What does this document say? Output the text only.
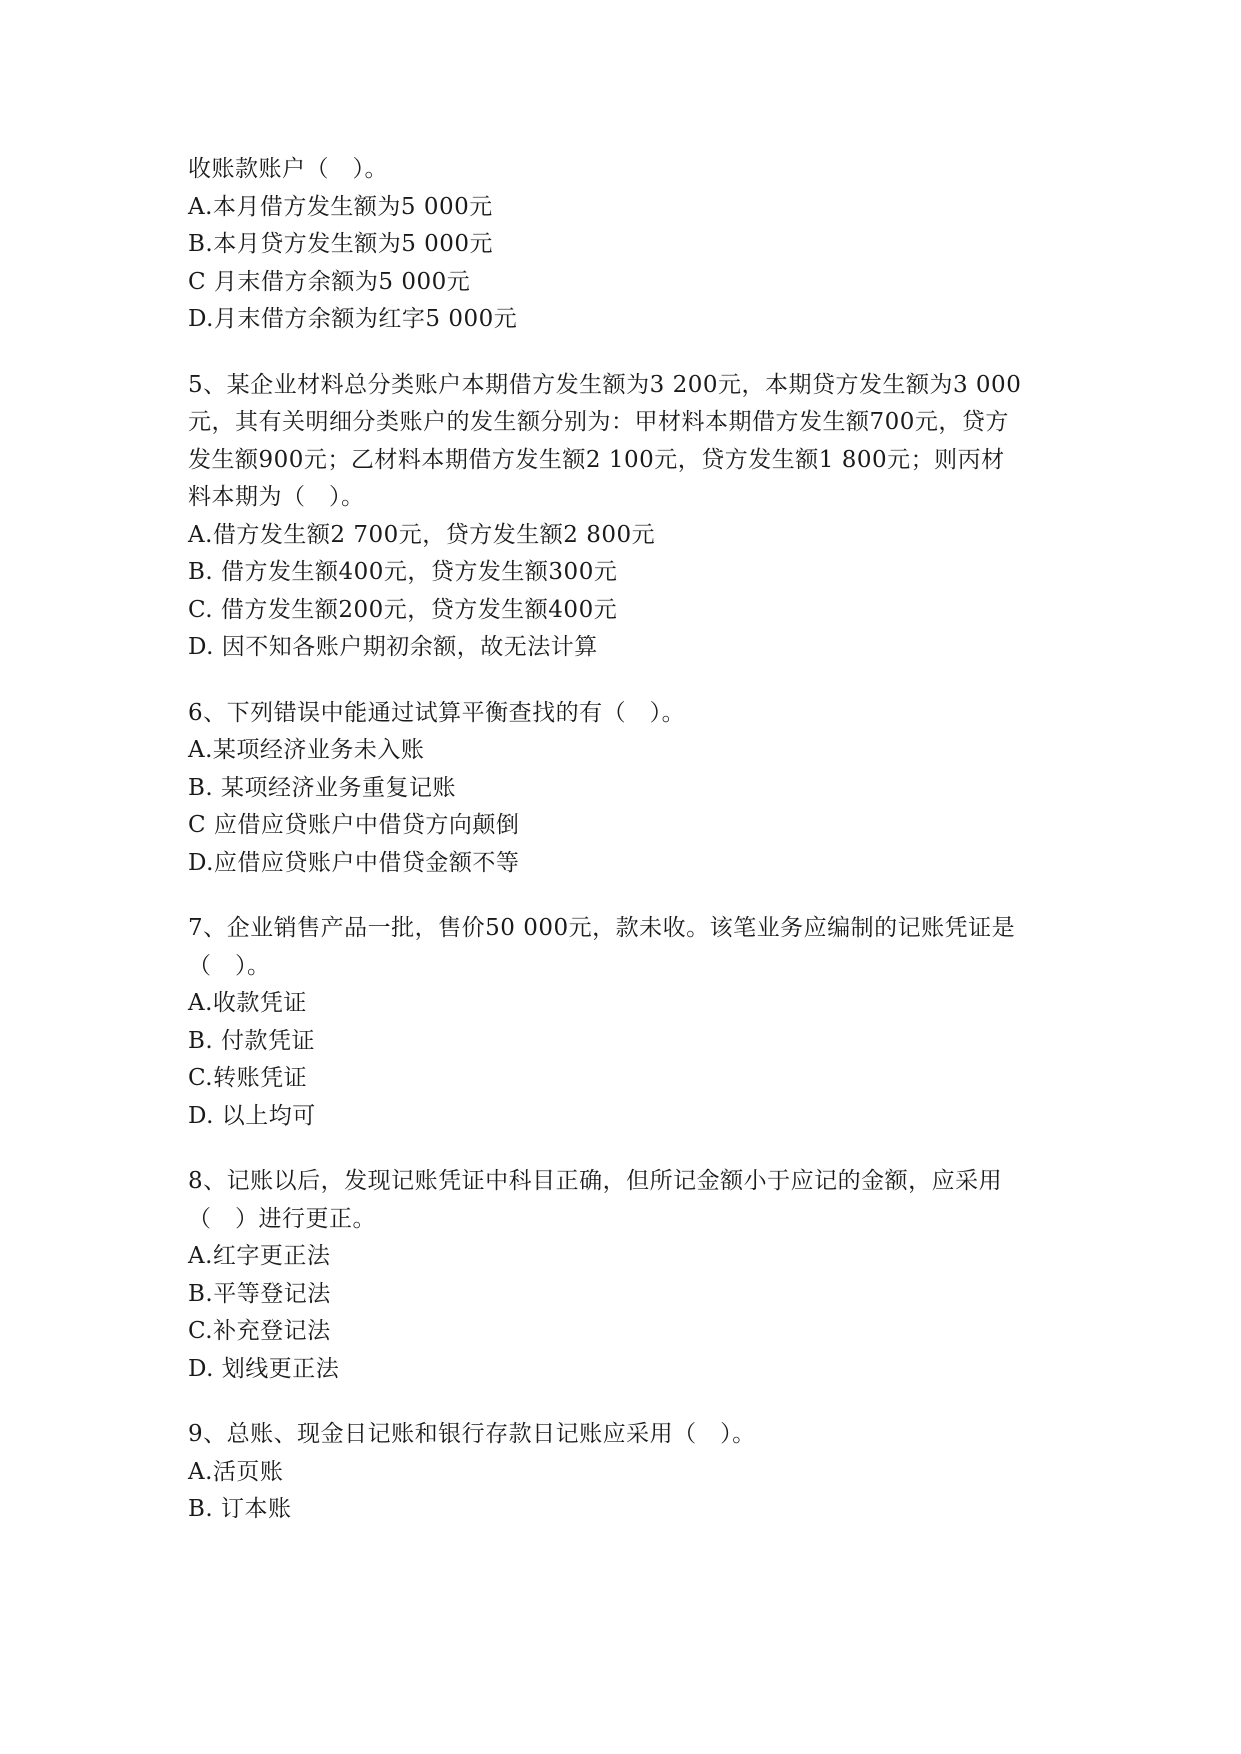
收账款账户（　）。
A.本月借方发生额为5 000元
B.本月贷方发生额为5 000元
C 月末借方余额为5 000元
D.月末借方余额为红字5 000元
5、某企业材料总分类账户本期借方发生额为3 200元，本期贷方发生额为3 000
元，其有关明细分类账户的发生额分别为：甲材料本期借方发生额700元，贷方
发生额900元；乙材料本期借方发生额2 100元，贷方发生额1 800元；则丙材
料本期为（　）。
A.借方发生额2 700元，贷方发生额2 800元
B. 借方发生额400元，贷方发生额300元
C. 借方发生额200元，贷方发生额400元
D. 因不知各账户期初余额，故无法计算
6、下列错误中能通过试算平衡查找的有（　）。
A.某项经济业务未入账
B. 某项经济业务重复记账
C 应借应贷账户中借贷方向颠倒
D.应借应贷账户中借贷金额不等
7、企业销售产品一批，售价50 000元，款未收。该笔业务应编制的记账凭证是
（　）。
A.收款凭证
B. 付款凭证
C.转账凭证
D. 以上均可
8、记账以后，发现记账凭证中科目正确，但所记金额小于应记的金额，应采用
（　）进行更正。
A.红字更正法
B.平等登记法
C.补充登记法
D. 划线更正法
9、总账、现金日记账和银行存款日记账应采用（　）。
A.活页账
B. 订本账
